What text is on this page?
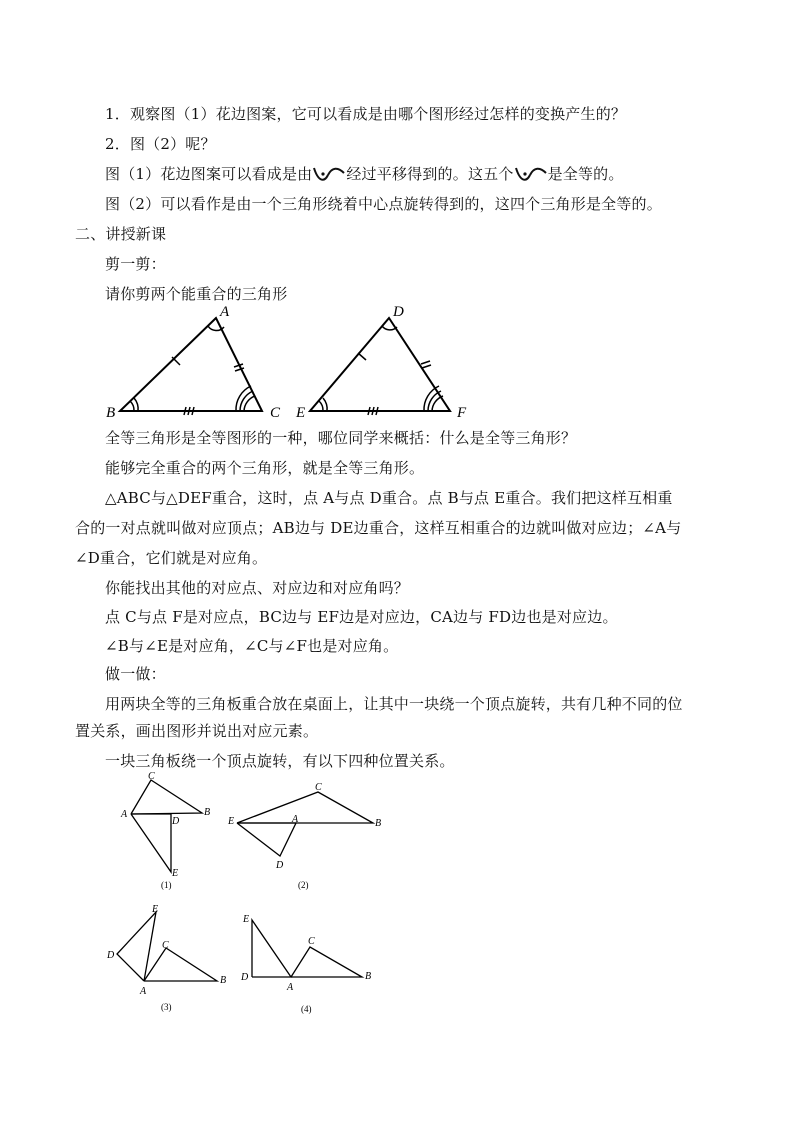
1．观察图（1）花边图案，它可以看成是由哪个图形经过怎样的变换产生的？
2．图（2）呢？
图（1）花边图案可以看成是由 经过平移得到的。这五个 是全等的。
图（2）可以看作是由一个三角形绕着中心点旋转得到的，这四个三角形是全等的。
二、讲授新课
剪一剪：
请你剪两个能重合的三角形
A
B	C
D
E	F
全等三角形是全等图形的一种，哪位同学来概括：什么是全等三角形？
能够完全重合的两个三角形，就是全等三角形。
△ABC与△DEF重合，这时，点 A与点 D重合。点 B与点 E重合。我们把这样互相重
合的一对点就叫做对应顶点；AB边与 DE边重合，这样互相重合的边就叫做对应边；∠A与
∠D重合，它们就是对应角。
你能找出其他的对应点、对应边和对应角吗？
点 C与点 F是对应点，BC边与 EF边是对应边，CA边与 FD边也是对应边。
∠B与∠E是对应角，∠C与∠F也是对应角。
做一做：
用两块全等的三角板重合放在桌面上，让其中一块绕一个顶点旋转，共有几种不同的位
置关系，画出图形并说出对应元素。
一块三角板绕一个顶点旋转，有以下四种位置关系。
C
A	B
D
E
(1)
C
E	A	B
D
(2)
E
C
D
A
B
(3)
E
C
D
A
B
(4)
